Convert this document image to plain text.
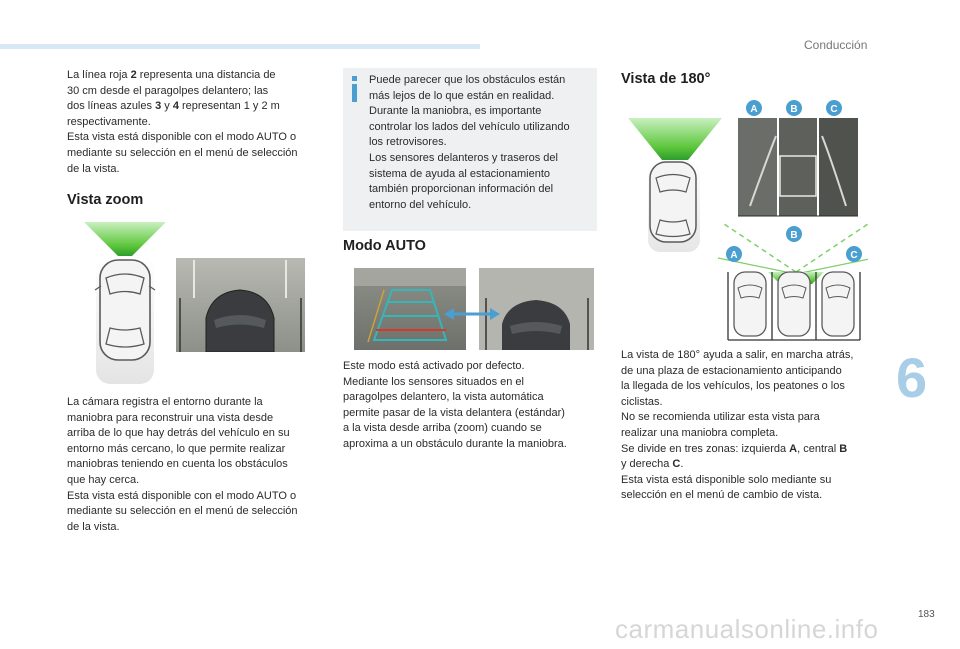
Conducción

La línea roja 2 representa una distancia de
30 cm desde el paragolpes delantero; las
dos líneas azules 3 y 4 representan 1 y 2 m
respectivamente.
Esta vista está disponible con el modo AUTO o
mediante su selección en el menú de selección
de la vista.

Vista zoom

La cámara registra el entorno durante la
maniobra para reconstruir una vista desde
arriba de lo que hay detrás del vehículo en su
entorno más cercano, lo que permite realizar
maniobras teniendo en cuenta los obstáculos
que hay cerca.
Esta vista está disponible con el modo AUTO o
mediante su selección en el menú de selección
de la vista.

Puede parecer que los obstáculos están
más lejos de lo que están en realidad.
Durante la maniobra, es importante
controlar los lados del vehículo utilizando
los retrovisores.
Los sensores delanteros y traseros del
sistema de ayuda al estacionamiento
también proporcionan información del
entorno del vehículo.

Modo AUTO

Este modo está activado por defecto.
Mediante los sensores situados en el
paragolpes delantero, la vista automática
permite pasar de la vista delantera (estándar)
a la vista desde arriba (zoom) cuando se
aproxima a un obstáculo durante la maniobra.

Vista de 180°
A	B	C
A
B
C

La vista de 180° ayuda a salir, en marcha atrás,
de una plaza de estacionamiento anticipando
la llegada de los vehículos, los peatones o los
ciclistas.
No se recomienda utilizar esta vista para
realizar una maniobra completa.
Se divide en tres zonas: izquierda A, central B
y derecha C.
Esta vista está disponible solo mediante su
selección en el menú de cambio de vista.

6
183
carmanualsonline.info
